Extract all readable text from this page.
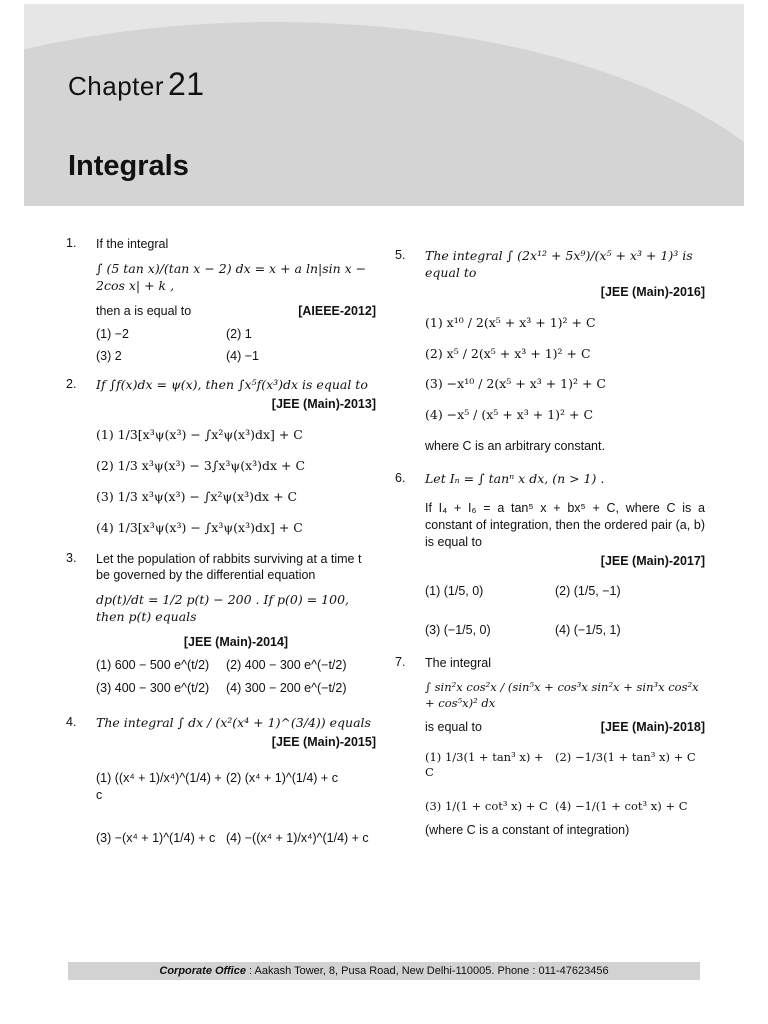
Chapter 21
Integrals
1.	If the integral
∫ (5 tan x)/(tan x − 2) dx = x + a ln|sin x − 2cos x| + k ,
then a is equal to	[AIEEE-2012]
(1) −2	(2) 1
(3) 2	(4) −1
2.	If ∫f(x)dx = ψ(x), then ∫x⁵f(x³)dx is equal to
[JEE (Main)-2013]
(1) 1/3[x³ψ(x³) − ∫x²ψ(x³)dx] + C
(2) 1/3 x³ψ(x³) − 3∫x³ψ(x³)dx + C
(3) 1/3 x³ψ(x³) − ∫x²ψ(x³)dx + C
(4) 1/3[x³ψ(x³) − ∫x³ψ(x³)dx] + C
3.	Let the population of rabbits surviving at a time t be governed by the differential equation
dp(t)/dt = 1/2 p(t) − 200 . If p(0) = 100, then p(t) equals
[JEE (Main)-2014]
(1) 600 − 500 e^(t/2)	(2) 400 − 300 e^(−t/2)
(3) 400 − 300 e^(t/2)	(4) 300 − 200 e^(−t/2)
4.	The integral ∫ dx / (x²(x⁴ + 1)^(3/4)) equals
[JEE (Main)-2015]
(1) ((x⁴ + 1)/x⁴)^(1/4) + c
(2) (x⁴ + 1)^(1/4) + c
(3) −(x⁴ + 1)^(1/4) + c (4) −((x⁴ + 1)/x⁴)^(1/4) + c
5.	The integral ∫ (2x¹² + 5x⁹)/(x⁵ + x³ + 1)³ is equal to
[JEE (Main)-2016]
(1) x¹⁰ / 2(x⁵ + x³ + 1)² + C
(2) x⁵ / 2(x⁵ + x³ + 1)² + C
(3) −x¹⁰ / 2(x⁵ + x³ + 1)² + C
(4) −x⁵ / (x⁵ + x³ + 1)² + C
where C is an arbitrary constant.
6.	Let Iₙ = ∫ tanⁿ x dx, (n > 1) .
If I₄ + I₆ = a tan⁵ x + bx⁵ + C, where C is a constant of integration, then the ordered pair (a, b) is equal to
[JEE (Main)-2017]
(1) (1/5, 0)	(2) (1/5, −1)
(3) (−1/5, 0)	(4) (−1/5, 1)
7.	The integral
∫ sin²x cos²x / (sin⁵x + cos³x sin²x + sin³x cos²x + cos⁵x)² dx
is equal to	[JEE (Main)-2018]
(1) 1/3(1 + tan³ x) + C
(2) −1/3(1 + tan³ x) + C
(3) 1/(1 + cot³ x) + C (4) −1/(1 + cot³ x) + C
(where C is a constant of integration)
Corporate Office : Aakash Tower, 8, Pusa Road, New Delhi-110005. Phone : 011-47623456
